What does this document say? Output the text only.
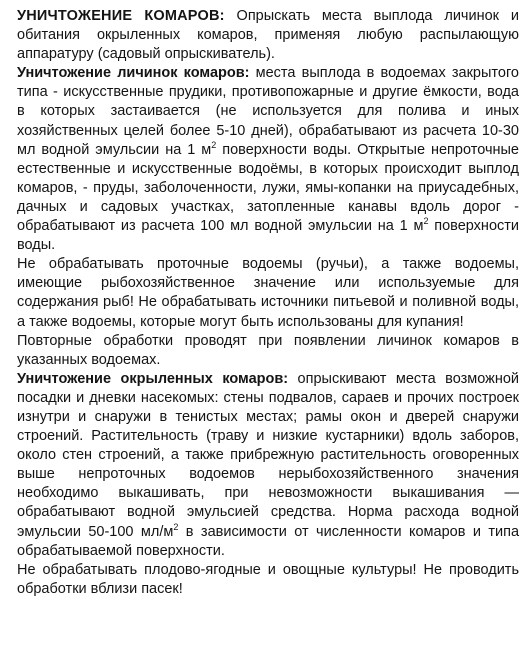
УНИЧТОЖЕНИЕ КОМАРОВ: Опрыскать места выплода личинок и обитания окрыленных комаров, применяя любую распылающую аппаратуру (садовый опрыскиватель).

Уничтожение личинок комаров: места выплода в водоемах закрытого типа - искусственные прудики, противопожарные и другие ёмкости, вода в которых застаивается (не используется для полива и иных хозяйственных целей более 5-10 дней), обрабатывают из расчета 10-30 мл водной эмульсии на 1 $м^2$ поверхности воды. Открытые непроточные естественные и искусственные водоёмы, в которых происходит выплод комаров, - пруды, заболоченности, лужи, ямы-копанки на приусадебных, дачных и садовых участках, затопленные канавы вдоль дорог - обрабатывают из расчета 100 мл водной эмульсии на 1 $м^2$ поверхности воды.

Не обрабатывать проточные водоемы (ручьи), а также водоемы, имеющие рыбохозяйственное значение или используемые для содержания рыб! Не обрабатывать источники питьевой и поливной воды, а также водоемы, которые могут быть использованы для купания!

Повторные обработки проводят при появлении личинок комаров в указанных водоемах.

Уничтожение окрыленных комаров: опрыскивают места возможной посадки и дневки насекомых: стены подвалов, сараев и прочих построек изнутри и снаружи в тенистых местах; рамы окон и дверей снаружи строений. Растительность (траву и низкие кустарники) вдоль заборов, около стен строений, а также прибрежную растительность оговоренных выше непроточных водоемов нерыбохозяйственного значения необходимо выкашивать, при невозможности выкашивания — обрабатывают водной эмульсией средства. Норма расхода водной эмульсии 50-100 $мл/м^2$ в зависимости от численности комаров и типа обрабатываемой поверхности.

Не обрабатывать плодово-ягодные и овощные культуры! Не проводить обработки вблизи пасек!
